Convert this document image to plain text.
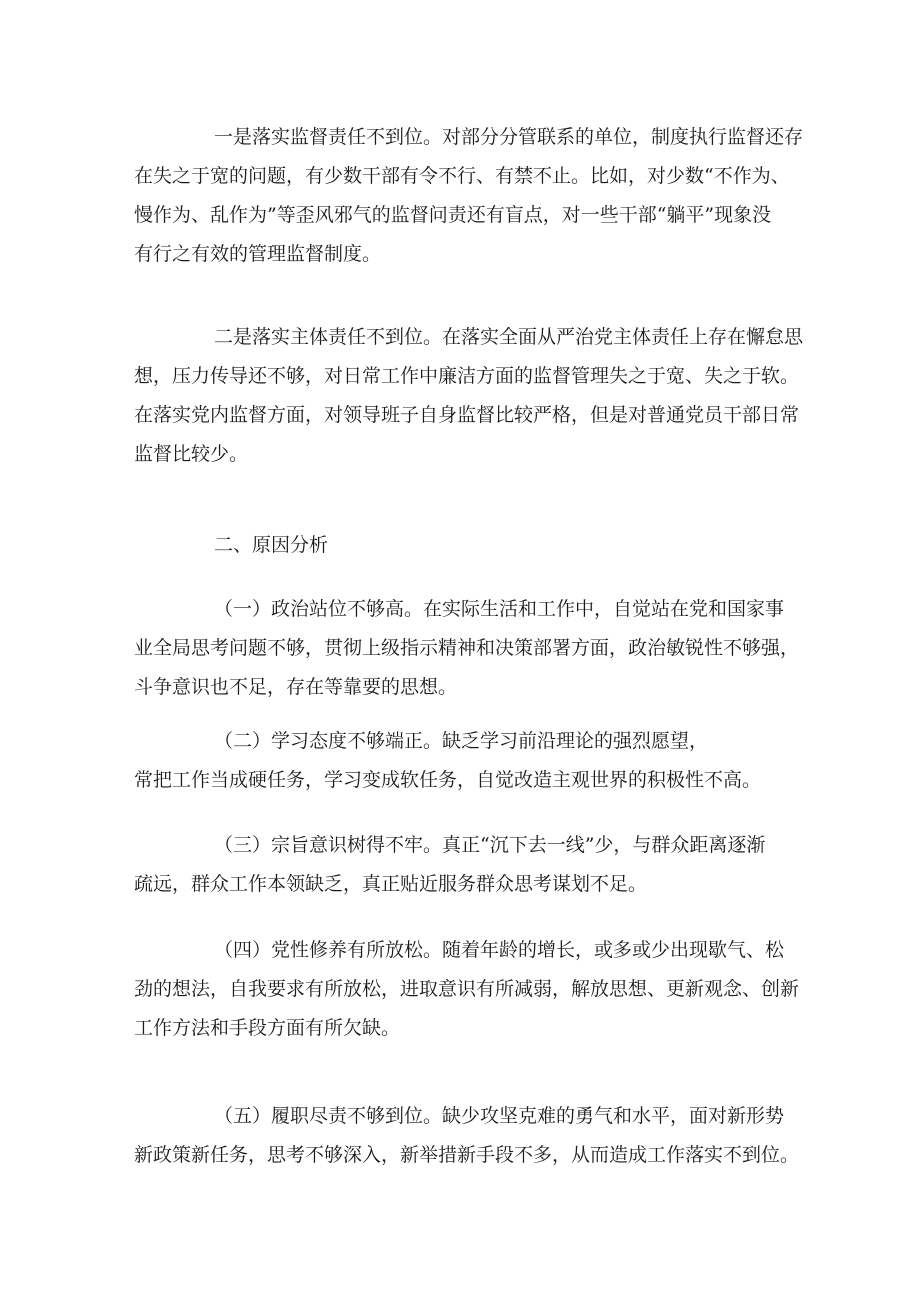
一是落实监督责任不到位。对部分分管联系的单位，制度执行监督还存
在失之于宽的问题，有少数干部有令不行、有禁不止。比如，对少数“不作为、
慢作为、乱作为”等歪风邪气的监督问责还有盲点，对一些干部“躺平”现象没
有行之有效的管理监督制度。
二是落实主体责任不到位。在落实全面从严治党主体责任上存在懈怠思
想，压力传导还不够，对日常工作中廉洁方面的监督管理失之于宽、失之于软。
在落实党内监督方面，对领导班子自身监督比较严格，但是对普通党员干部日常
监督比较少。
二、原因分析
（一）政治站位不够高。在实际生活和工作中，自觉站在党和国家事
业全局思考问题不够，贯彻上级指示精神和决策部署方面，政治敏锐性不够强，
斗争意识也不足，存在等靠要的思想。
（二）学习态度不够端正。缺乏学习前沿理论的强烈愿望，
常把工作当成硬任务，学习变成软任务，自觉改造主观世界的积极性不高。
（三）宗旨意识树得不牢。真正“沉下去一线”少，与群众距离逐渐
疏远，群众工作本领缺乏，真正贴近服务群众思考谋划不足。
（四）党性修养有所放松。随着年龄的增长，或多或少出现歇气、松
劲的想法，自我要求有所放松，进取意识有所减弱，解放思想、更新观念、创新
工作方法和手段方面有所欠缺。
（五）履职尽责不够到位。缺少攻坚克难的勇气和水平，面对新形势
新政策新任务，思考不够深入，新举措新手段不多，从而造成工作落实不到位。
